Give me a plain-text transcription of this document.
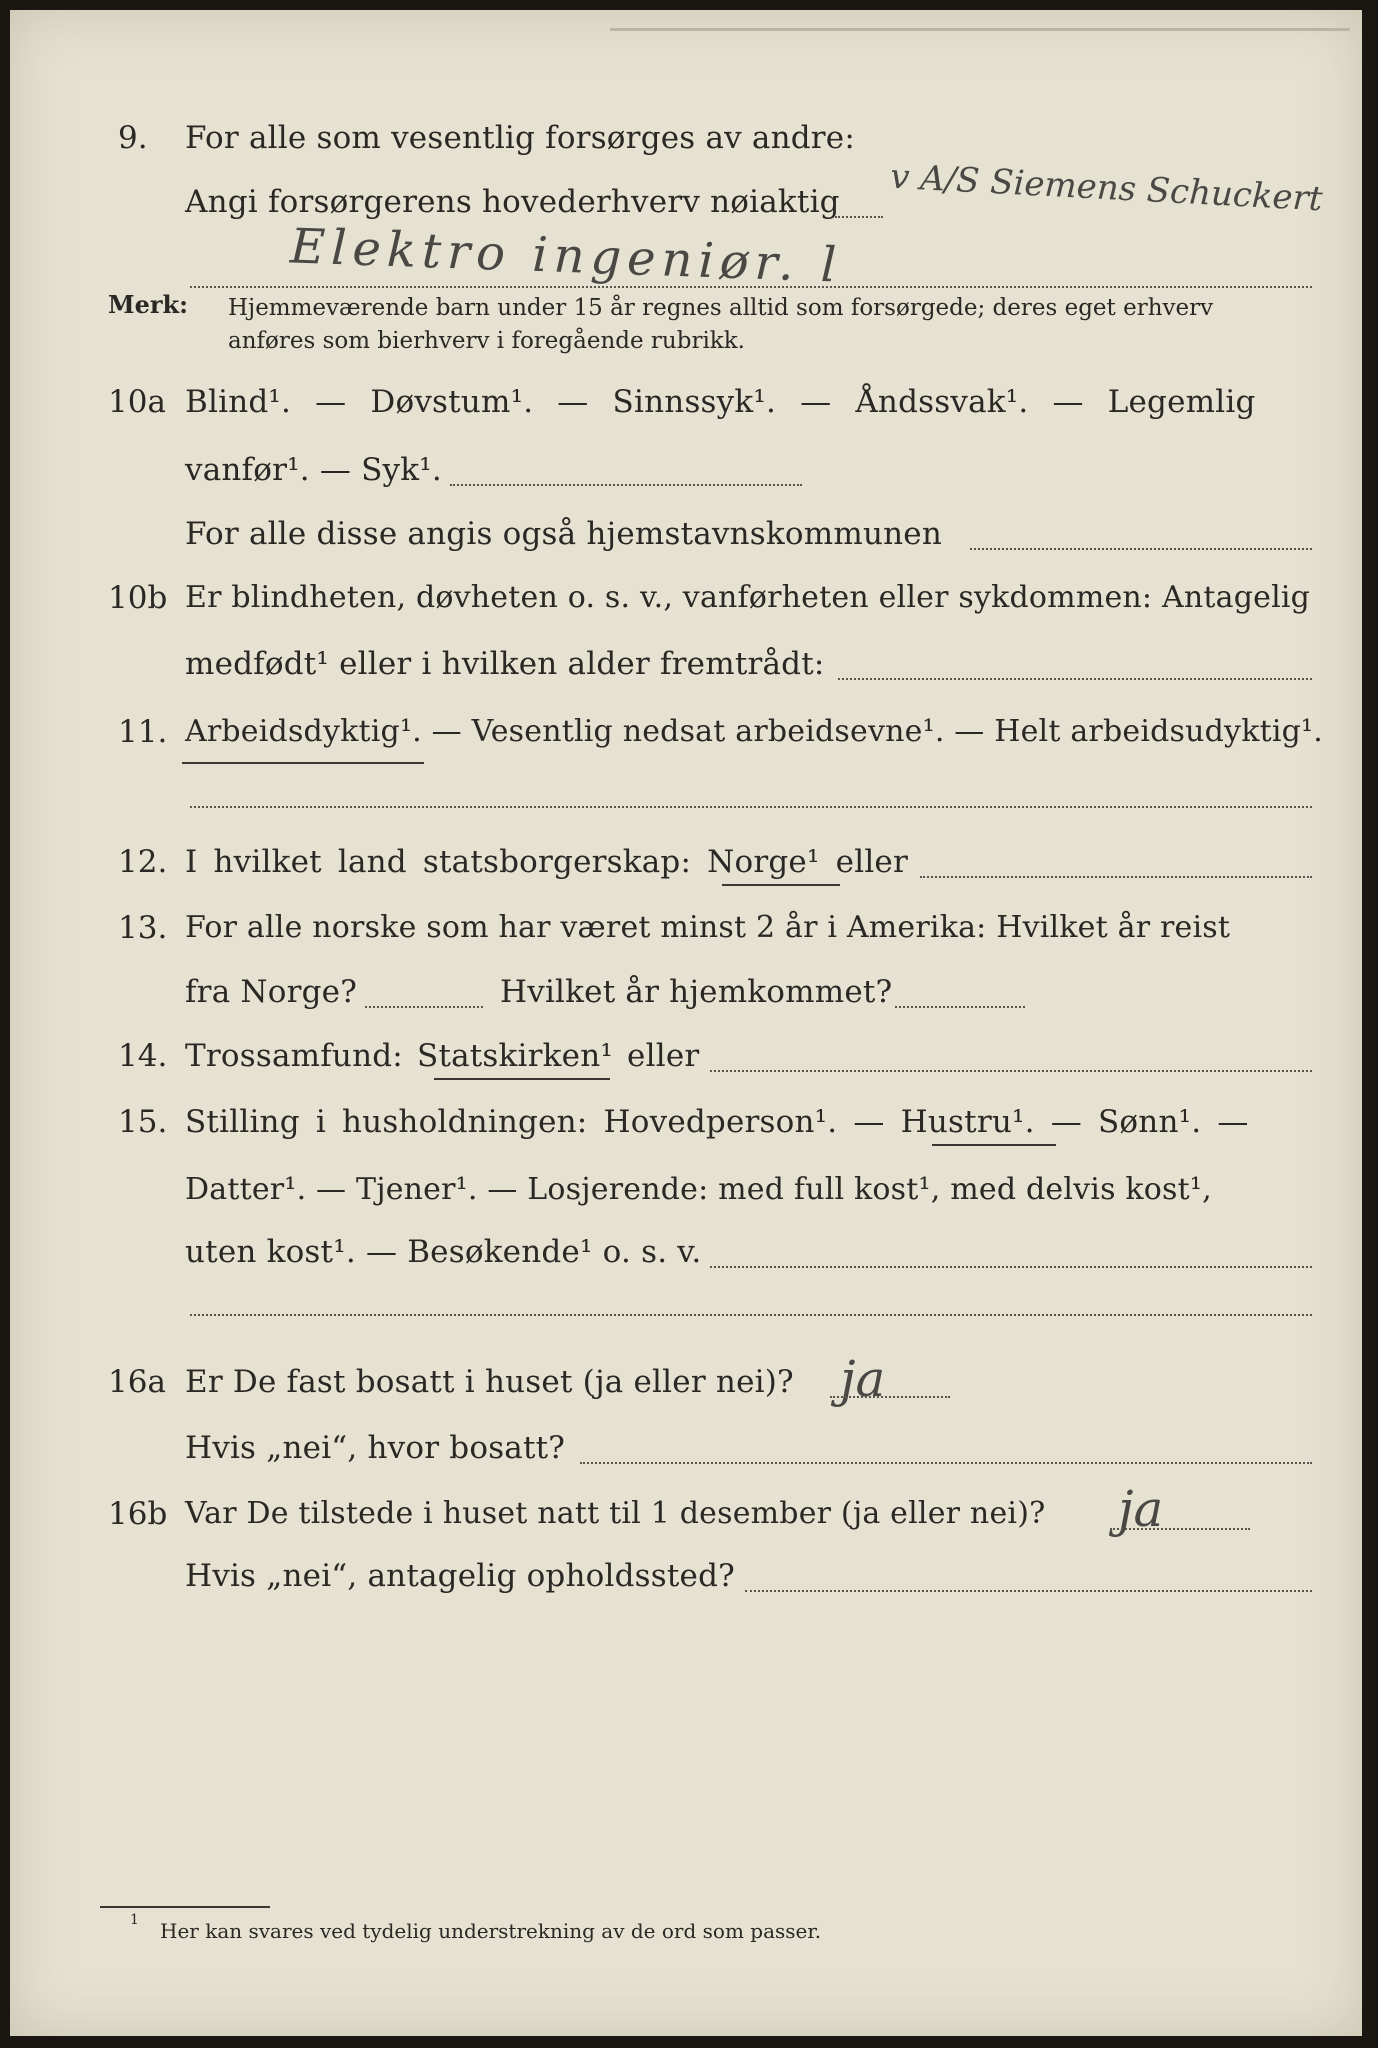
9. For alle som vesentlig forsørges av andre:
Angi forsørgerens hovederhverv nøiaktig v A/S Siemens Schuckert
Elektro ingeniør. l
Merk: Hjemmeværende barn under 15 år regnes alltid som forsørgede; deres eget erhverv
anføres som bierhverv i foregående rubrikk.
10a Blind¹. — Døvstum¹. — Sinnssyk¹. — Åndssvak¹. — Legemlig
vanfør¹. — Syk¹.
For alle disse angis også hjemstavnskommunen
10b Er blindheten, døvheten o. s. v., vanførheten eller sykdommen: Antagelig
medfødt¹ eller i hvilken alder fremtrådt:
11. Arbeidsdyktig¹. — Vesentlig nedsat arbeidsevne¹. — Helt arbeidsudyktig¹.
12. I hvilket land statsborgerskap: Norge¹ eller
13. For alle norske som har været minst 2 år i Amerika: Hvilket år reist
fra Norge?	Hvilket år hjemkommet?
14. Trossamfund: Statskirken¹ eller
15. Stilling i husholdningen: Hovedperson¹. — Hustru¹. — Sønn¹. —
Datter¹. — Tjener¹. — Losjerende: med full kost¹, med delvis kost¹,
uten kost¹. — Besøkende¹ o. s. v.
16a Er De fast bosatt i huset (ja eller nei)? ja
Hvis „nei“, hvor bosatt?
16b Var De tilstede i huset natt til 1 desember (ja eller nei)? ja
Hvis „nei“, antagelig opholdssted?
1 Her kan svares ved tydelig understrekning av de ord som passer.
